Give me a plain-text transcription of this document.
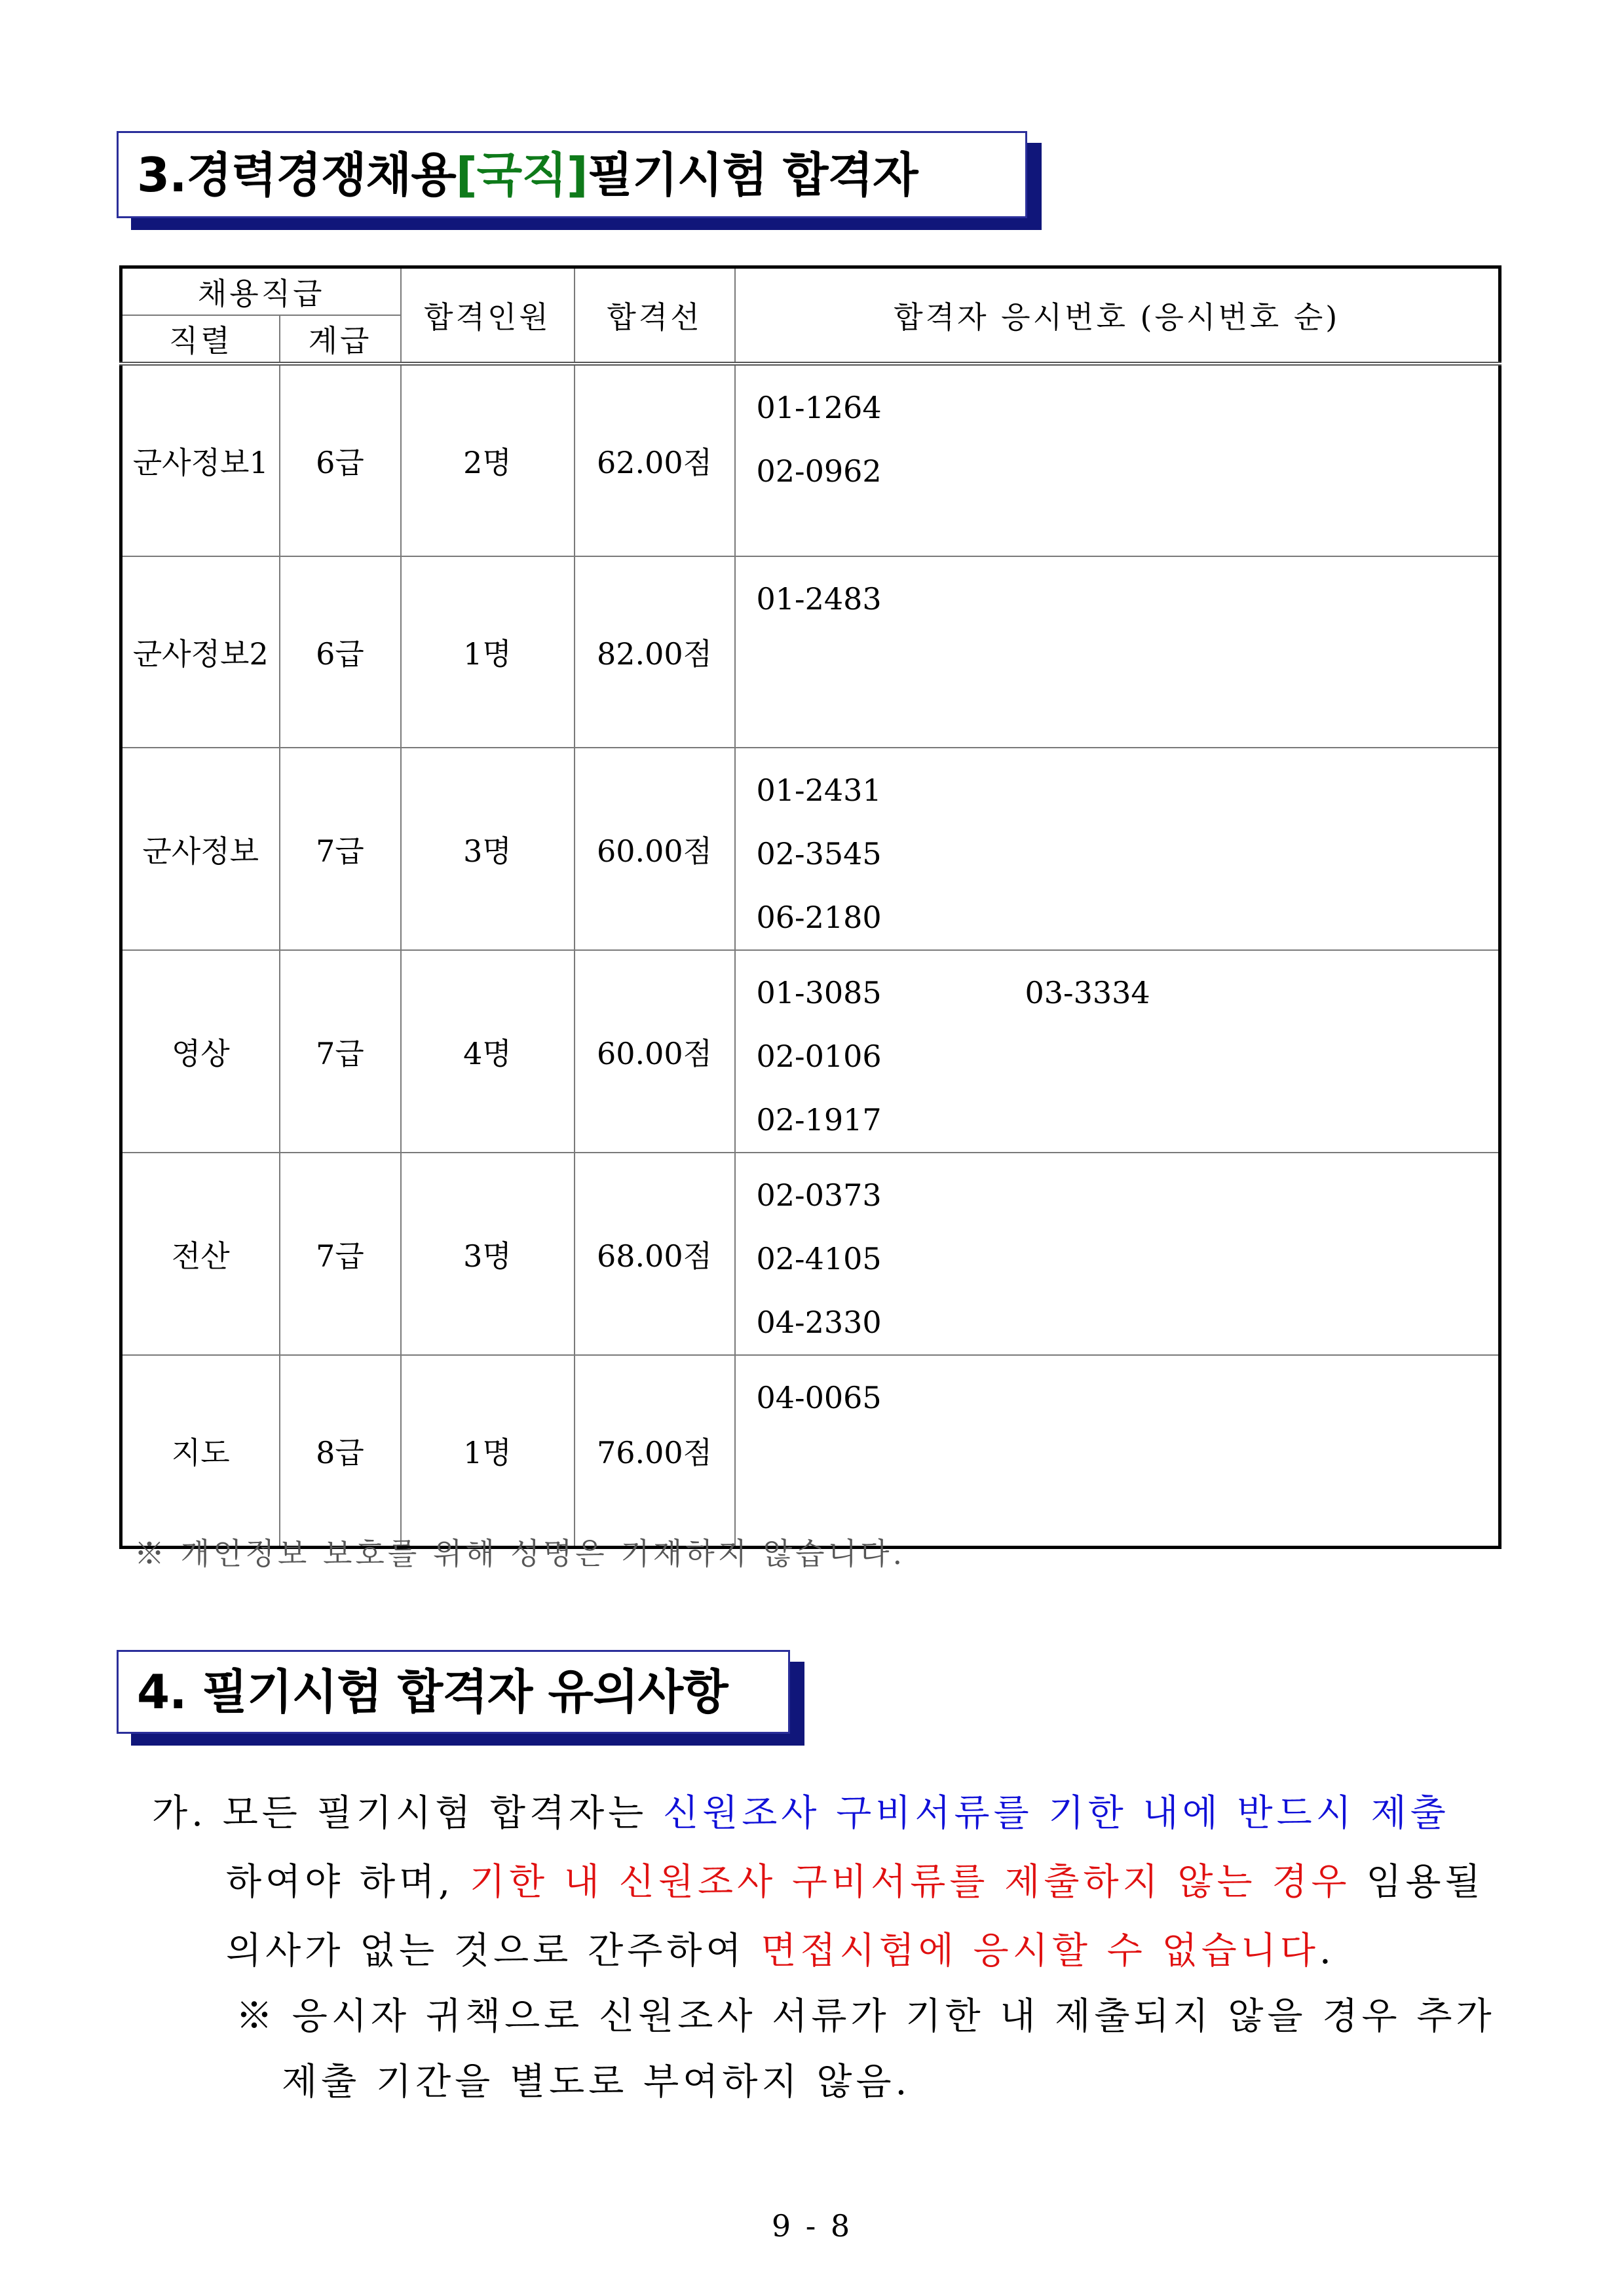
3. 경력경쟁채용 [국직] 필기시험 합격자
채용직급		합격인원	합격선	합격자 응시번호 (응시번호 순)
직렬	계급			
군사정보1	6급	2명	62.00점	01-1264
02-0962

군사정보2	6급	1명	82.00점	01-2483

군사정보	7급	3명	60.00점	01-2431
02-3545
06-2180

영상	7급	4명	60.00점	01-3085 03-3334
02-0106
02-1917

전산	7급	3명	68.00점	02-0373
02-4105
04-2330

지도	8급	1명	76.00점	04-0065
※ 개인정보 보호를 위해 성명은 기재하지 않습니다.
4. 필기시험 합격자 유의사항
가. 모든 필기시험 합격자는 신원조사 구비서류를 기한 내에 반드시 제출
하여야 하며, 기한 내 신원조사 구비서류를 제출하지 않는 경우 임용될
의사가 없는 것으로 간주하여 면접시험에 응시할 수 없습니다.
※ 응시자 귀책으로 신원조사 서류가 기한 내 제출되지 않을 경우 추가
제출 기간을 별도로 부여하지 않음.
9 - 8
